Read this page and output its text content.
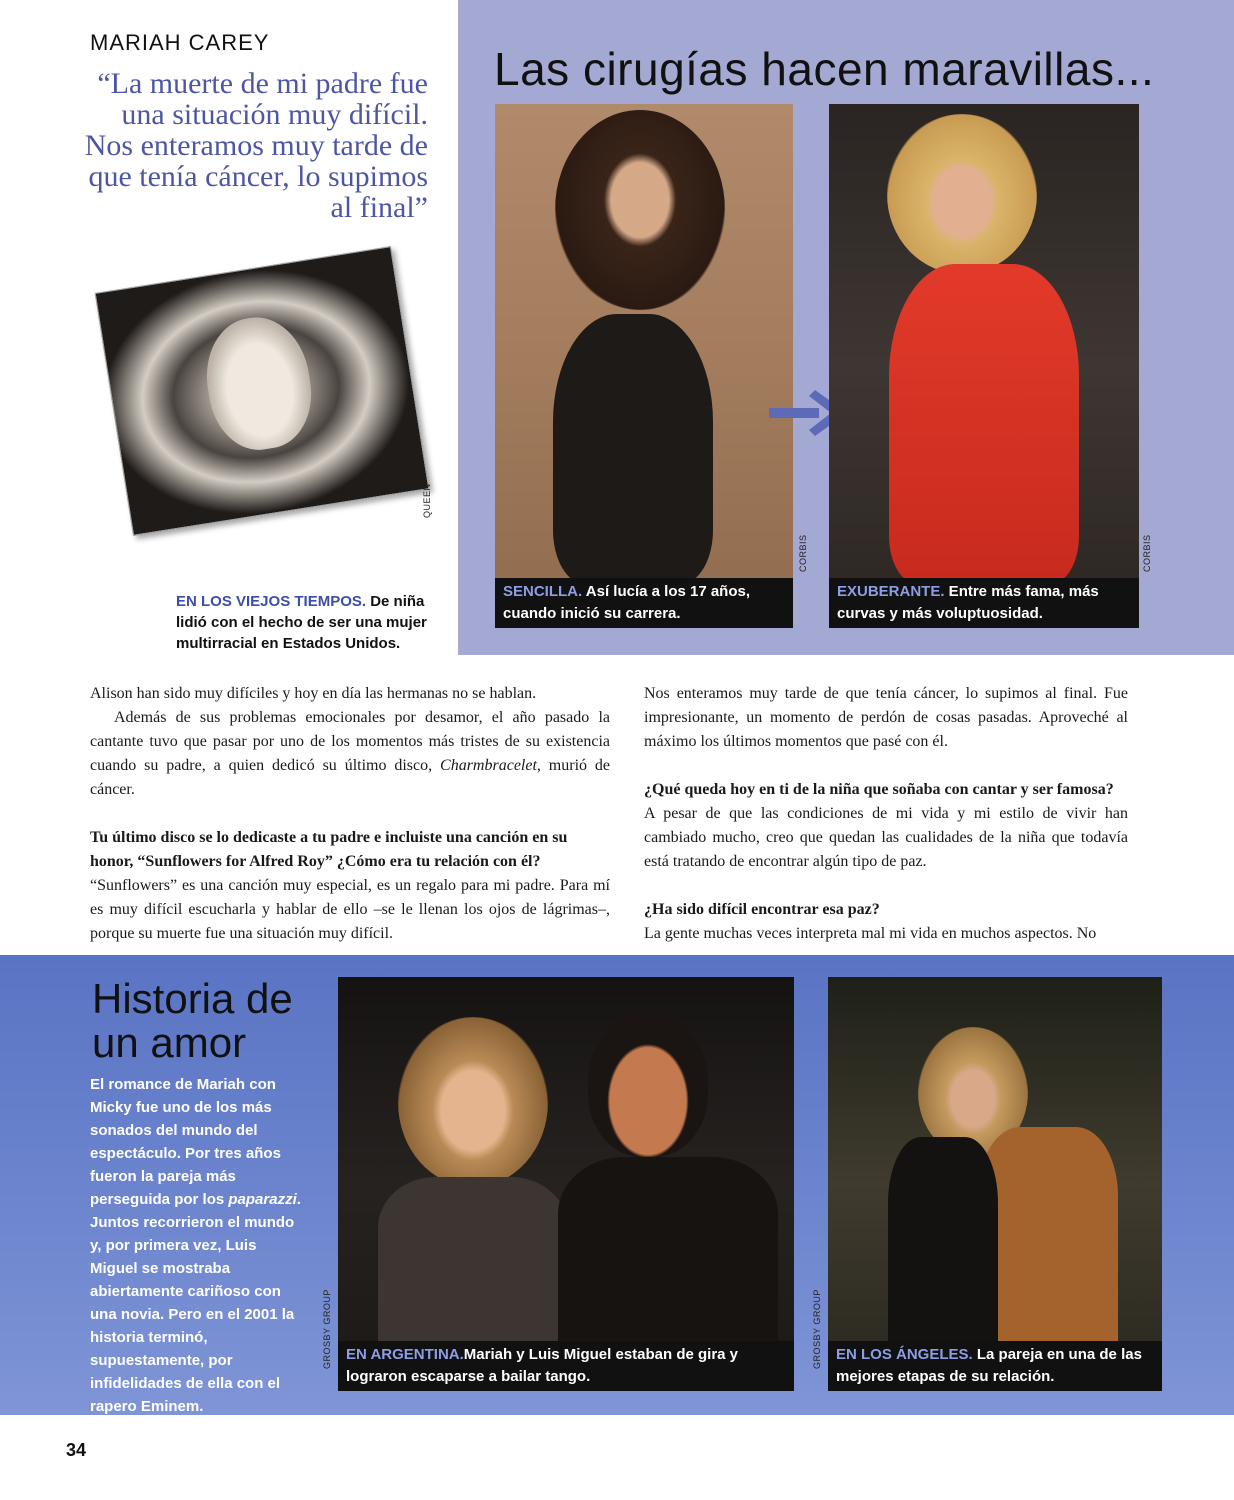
MARIAH CAREY
“La muerte de mi padre fue una situación muy difícil. Nos enteramos muy tarde de que tenía cáncer, lo supimos al final”
QUEEN
EN LOS VIEJOS TIEMPOS. De niña lidió con el hecho de ser una mujer multirracial en Estados Unidos.
Las cirugías hacen maravillas...
SENCILLA. Así lucía a los 17 años, cuando inició su carrera.
CORBIS
EXUBERANTE. Entre más fama, más curvas y más voluptuosidad.
CORBIS

Alison han sido muy difíciles y hoy en día las hermanas no se hablan.

Además de sus problemas emocionales por desamor, el año pasado la cantante tuvo que pasar por uno de los momentos más tristes de su existencia cuando su padre, a quien dedicó su último disco, Charmbracelet, murió de cáncer.

Tu último disco se lo dedicaste a tu padre e incluiste una canción en su honor, “Sunflowers for Alfred Roy” ¿Cómo era tu relación con él?

“Sunflowers” es una canción muy especial, es un regalo para mi padre. Para mí es muy difícil escucharla y hablar de ello –se le llenan los ojos de lágrimas–, porque su muerte fue una situación muy difícil.

Nos enteramos muy tarde de que tenía cáncer, lo supimos al final. Fue impresionante, un momento de perdón de cosas pasadas. Aproveché al máximo los últimos momentos que pasé con él.

¿Qué queda hoy en ti de la niña que soñaba con cantar y ser famosa?

A pesar de que las condiciones de mi vida y mi estilo de vivir han cambiado mucho, creo que quedan las cualidades de la niña que todavía está tratando de encontrar algún tipo de paz.

¿Ha sido difícil encontrar esa paz?

La gente muchas veces interpreta mal mi vida en muchos aspectos. No

Historia de un amor
El romance de Mariah con Micky fue uno de los más sonados del mundo del espectáculo. Por tres años fueron la pareja más perseguida por los paparazzi. Juntos recorrieron el mundo y, por primera vez, Luis Miguel se mostraba abiertamente cariñoso con una novia. Pero en el 2001 la historia terminó, supuestamente, por infidelidades de ella con el rapero Eminem.
GROSBY GROUP EN ARGENTINA.Mariah y Luis Miguel estaban de gira y lograron escaparse a bailar tango.
GROSBY GROUP EN LOS ÁNGELES. La pareja en una de las mejores etapas de su relación.
34
